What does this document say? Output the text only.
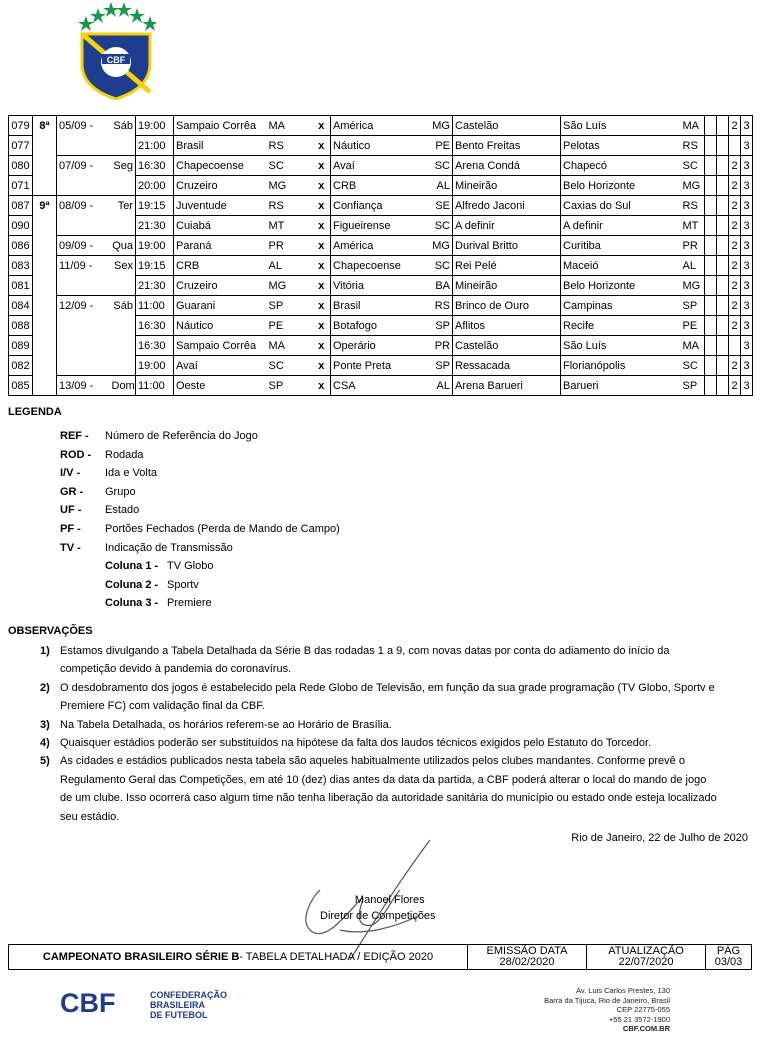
CBF
079	8ª	05/09 -	Sáb	19:00	Sampaio Corrêa	MA	x	América	MG	Castelão	São Luís	MA			2	3
077				21:00	Brasil	RS	x	Náutico	PE	Bento Freitas	Pelotas	RS				3
080		07/09 -	Seg	16:30	Chapecoense	SC	x	Avaí	SC	Arena Condá	Chapecó	SC			2	3
071				20:00	Cruzeiro	MG	x	CRB	AL	Mineirão	Belo Horizonte	MG			2	3
087	9ª	08/09 -	Ter	19:15	Juventude	RS	x	Confiança	SE	Alfredo Jaconi	Caxias do Sul	RS			2	3
090				21:30	Cuiabá	MT	x	Figueirense	SC	A definir	A definir	MT			2	3
086		09/09 -	Qua	19:00	Paraná	PR	x	América	MG	Durival Britto	Curitiba	PR			2	3
083		11/09 -	Sex	19:15	CRB	AL	x	Chapecoense	SC	Rei Pelé	Maceió	AL			2	3
081				21:30	Cruzeiro	MG	x	Vitória	BA	Mineirão	Belo Horizonte	MG			2	3
084		12/09 -	Sáb	11:00	Guarani	SP	x	Brasil	RS	Brinco de Ouro	Campinas	SP			2	3
088				16:30	Náutico	PE	x	Botafogo	SP	Aflitos	Recife	PE			2	3
089				16:30	Sampaio Corrêa	MA	x	Operário	PR	Castelão	São Luís	MA				3
082				19:00	Avaí	SC	x	Ponte Preta	SP	Ressacada	Florianópolis	SC			2	3
085		13/09 -	Dom	11:00	Oeste	SP	x	CSA	AL	Arena Barueri	Barueri	SP			2	3
LEGENDA
REF -	Número de Referência do Jogo
ROD -	Rodada
I/V -	Ida e Volta
GR -	Grupo
UF -	Estado
PF -	Portões Fechados (Perda de Mando de Campo)
TV -	Indicação de Transmissão
Coluna 1 - TV Globo
Coluna 2 - Sportv
Coluna 3 - Premiere
OBSERVAÇÕES
1) Estamos divulgando a Tabela Detalhada da Série B das rodadas 1 a 9, com novas datas por conta do adiamento do início da competição devido à pandemia do coronavírus.
2) O desdobramento dos jogos é estabelecido pela Rede Globo de Televisão, em função da sua grade programação (TV Globo, Sportv e Premiere FC) com validação final da CBF.
3) Na Tabela Detalhada, os horários referem-se ao Horário de Brasília.
4) Quaisquer estádios poderão ser substituídos na hipótese da falta dos laudos técnicos exigidos pelo Estatuto do Torcedor.
5) As cidades e estádios publicados nesta tabela são aqueles habitualmente utilizados pelos clubes mandantes. Conforme prevê o Regulamento Geral das Competições, em até 10 (dez) dias antes da data da partida, a CBF poderá alterar o local do mando de jogo de um clube. Isso ocorrerá caso algum time não tenha liberação da autoridade sanitária do município ou estado onde esteja localizado seu estádio.
Rio de Janeiro, 22 de Julho de 2020
Manoel Flores
Diretor de Competições
CAMPEONATO BRASILEIRO SÉRIE B - TABELA DETALHADA / EDIÇÃO 2020	EMISSÃO DATA
28/02/2020
ATUALIZAÇÃO
22/07/2020
PÁG
03/03
CBF	CONFEDERAÇÃO
BRASILEIRA
DE FUTEBOL
Av. Luis Carlos Prestes, 130
Barra da Tijuca, Rio de Janeiro, Brasil
CEP 22775-055
+55 21 3572-1900
CBF.COM.BR
